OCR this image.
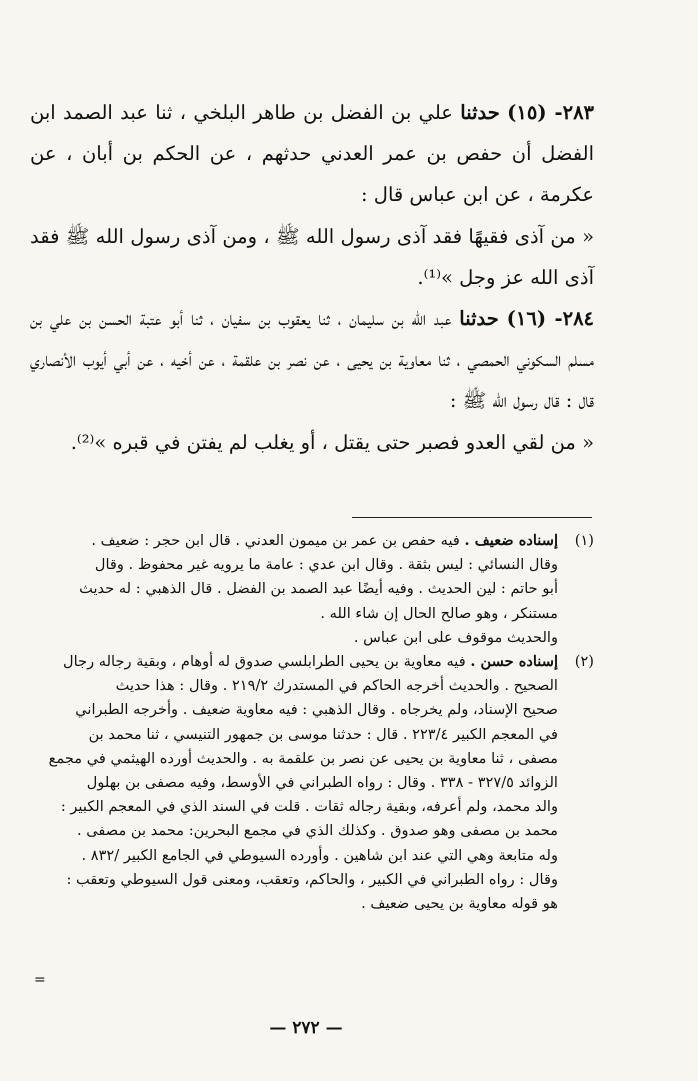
٢٨٣- (١٥) حدثنا علي بن الفضل بن طاهر البلخي ، ثنا عبد الصمد ابن الفضل أن حفص بن عمر العدني حدثهم ، عن الحكم بن أبان ، عن عكرمة ، عن ابن عباس قال :

« من آذى فقيهًا فقد آذى رسول الله ﷺ ، ومن آذى رسول الله ﷺ فقد آذى الله عز وجل »⁽¹⁾.

٢٨٤- (١٦) حدثنا عبد الله بن سليمان ، ثنا يعقوب بن سفيان ، ثنا أبو عتبة الحسن بن علي بن مسلم السكوني الحمصي ، ثنا معاوية بن يحيى ، عن نصر بن علقمة ، عن أخيه ، عن أبي أيوب الأنصاري قال : قال رسول الله ﷺ :

« من لقي العدو فصبر حتى يقتل ، أو يغلب لم يفتن في قبره »⁽²⁾.

(١)
إسناده ضعيف . فيه حفص بن عمر بن ميمون العدني . قال ابن حجر : ضعيف .
وقال النسائي : ليس بثقة . وقال ابن عدي : عامة ما يرويه غير محفوظ . وقال
أبو حاتم : لين الحديث . وفيه أيضًا عبد الصمد بن الفضل . قال الذهبي : له حديث
مستنكر ، وهو صالح الحال إن شاء الله .
والحديث موقوف على ابن عباس .
(٢)
إسناده حسن . فيه معاوية بن يحيى الطرابلسي صدوق له أوهام ، وبقية رجاله رجال
الصحيح . والحديث أخرجه الحاكم في المستدرك ٢١٩/٢ . وقال : هذا حديث
صحيح الإسناد، ولم يخرجاه . وقال الذهبي : فيه معاوية ضعيف . وأخرجه الطبراني
في المعجم الكبير ٢٢٣/٤ . قال : حدثنا موسى بن جمهور التنيسي ، ثنا محمد بن
مصفى ، ثنا معاوية بن يحيى عن نصر بن علقمة به . والحديث أورده الهيثمي في مجمع
الزوائد ٣٢٧/٥ - ٣٣٨ . وقال : رواه الطبراني في الأوسط، وفيه مصفى بن بهلول
والد محمد، ولم أعرفه، وبقية رجاله ثقات . قلت في السند الذي في المعجم الكبير :
محمد بن مصفى وهو صدوق . وكذلك الذي في مجمع البحرين: محمد بن مصفى .
وله متابعة وهي التي عند ابن شاهين . وأورده السيوطي في الجامع الكبير /٨٣٢ .
وقال : رواه الطبراني في الكبير ، والحاكم، وتعقب، ومعنى قول السيوطي وتعقب :
هو قوله معاوية بن يحيى ضعيف .
=
— ٢٧٢ —
